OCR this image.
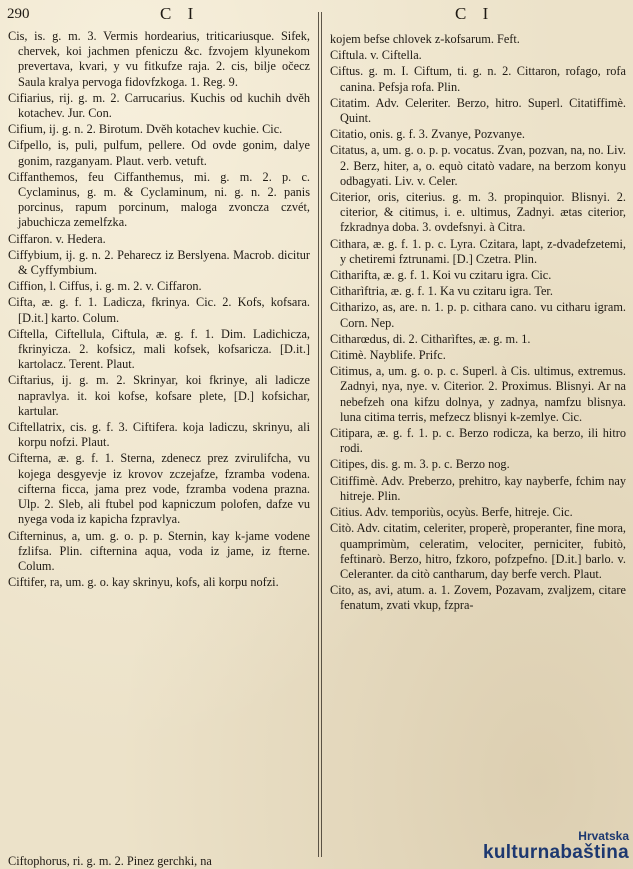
290	C I	C I

Cis, is. g. m. 3. Vermis hordearius, triticariusque. Sifek, chervek, koi jachmen pfeniczu &c. fzvojem klyunekom prevertava, kvari, y vu fitkufze raja. 2. cis, bilje očecz Saula kralya pervoga fidovfzkoga. 1. Reg. 9.

Cifiarius, rij. g. m. 2. Carrucarius. Kuchis od kuchih dvěh kotachev. Jur. Con.

Cifium, ij. g. n. 2. Birotum. Dvěh kotachev kuchie. Cic.

Cifpello, is, puli, pulfum, pellere. Od ovde gonim, dalye gonim, razganyam. Plaut. verb. vetuft.

Ciffanthemos, feu Ciffanthemus, mi. g. m. 2. p. c. Cyclaminus, g. m. & Cyclaminum, ni. g. n. 2. panis porcinus, rapum porcinum, maloga zvoncza czvét, jabuchicza zemelfzka.

Ciffaron. v. Hedera.

Ciffybium, ij. g. n. 2. Peharecz iz Berslyena. Macrob. dicitur & Cyffymbium.

Ciffion, l. Ciffus, i. g. m. 2. v. Ciffaron.

Cifta, æ. g. f. 1. Ladicza, fkrinya. Cic. 2. Kofs, kofsara. [D.it.] karto. Colum.

Ciftella, Ciftellula, Ciftula, æ. g. f. 1. Dim. Ladichicza, fkrinyicza. 2. kofsicz, mali kofsek, kofsaricza. [D.it.] kartolacz. Terent. Plaut.

Ciftarius, ij. g. m. 2. Skrinyar, koi fkrinye, ali ladicze napravlya. it. koi kofse, kofsare plete, [D.] kofsichar, kartular.

Ciftellatrix, cis. g. f. 3. Ciftifera. koja ladiczu, skrinyu, ali korpu nofzi. Plaut.

Cifterna, æ. g. f. 1. Sterna, zdenecz prez zvirulifcha, vu kojega desgyevje iz krovov zczejafze, fzramba vodena. cifterna ficca, jama prez vode, fzramba vodena prazna. Ulp. 2. Sleb, ali ftubel pod kapniczum polofen, dafze vu nyega voda iz kapicha fzpravlya.

Cifterninus, a, um. g. o. p. p. Sternin, kay k-jame vodene fzlifsa. Plin. cifternina aqua, voda iz jame, iz fterne. Colum.

Ciftifer, ra, um. g. o. kay skrinyu, kofs, ali korpu nofzi.

Ciftophorus, ri. g. m. 2. Pinez gerchki, na

kojem befse chlovek z-kofsarum. Feft.

Ciftula. v. Ciftella.

Ciftus. g. m. I. Ciftum, ti. g. n. 2. Cittaron, rofago, rofa canina. Pefsja rofa. Plin.

Citatim. Adv. Celeriter. Berzo, hitro. Superl. Citatiffimè. Quint.

Citatio, onis. g. f. 3. Zvanye, Pozvanye.

Citatus, a, um. g. o. p. p. vocatus. Zvan, pozvan, na, no. Liv. 2. Berz, hiter, a, o. equò citatò vadare, na berzom konyu odbagyati. Liv. v. Celer.

Citerior, oris, citerius. g. m. 3. propinquior. Blisnyi. 2. citerior, & citimus, i. e. ultimus, Zadnyi. ætas citerior, fzkradnya doba. 3. ovdefsnyi. à Citra.

Cithara, æ. g. f. 1. p. c. Lyra. Czitara, lapt, z-dvadefzetemi, y chetiremi fztrunami. [D.] Czetra. Plin.

Citharifta, æ. g. f. 1. Koi vu czitaru igra. Cic.

Citharìftria, æ. g. f. 1. Ka vu czitaru igra. Ter.

Citharizo, as, are. n. 1. p. p. cithara cano. vu citharu igram. Corn. Nep.

Citharœdus, di. 2. Citharìftes, æ. g. m. 1.

Citimè. Nayblife. Prifc.

Citimus, a, um. g. o. p. c. Superl. à Cis. ultimus, extremus. Zadnyi, nya, nye. v. Citerior. 2. Proximus. Blisnyi. Ar na nebefzeh ona kifzu dolnya, y zadnya, namfzu blisnya. luna citima terris, mefzecz blisnyi k-zemlye. Cic.

Citipara, æ. g. f. 1. p. c. Berzo rodicza, ka berzo, ili hitro rodi.

Citipes, dis. g. m. 3. p. c. Berzo nog.

Citiffimè. Adv. Preberzo, prehitro, kay nayberfe, fchim nay hitreje. Plin.

Citius. Adv. temporiùs, ocyùs. Berfe, hitreje. Cic.

Citò. Adv. citatim, celeriter, properè, properanter, fine mora, quamprimùm, celeratim, velociter, perniciter, fubitò, feftinarò. Berzo, hitro, fzkoro, pofzpefno. [D.it.] barlo. v. Celeranter. da citò cantharum, day berfe verch. Plaut.

Cito, as, avi, atum. a. 1. Zovem, Pozavam, zvaljzem, citare fenatum, zvati vkup, fzpra-

Hrvatska
kulturnabaština
